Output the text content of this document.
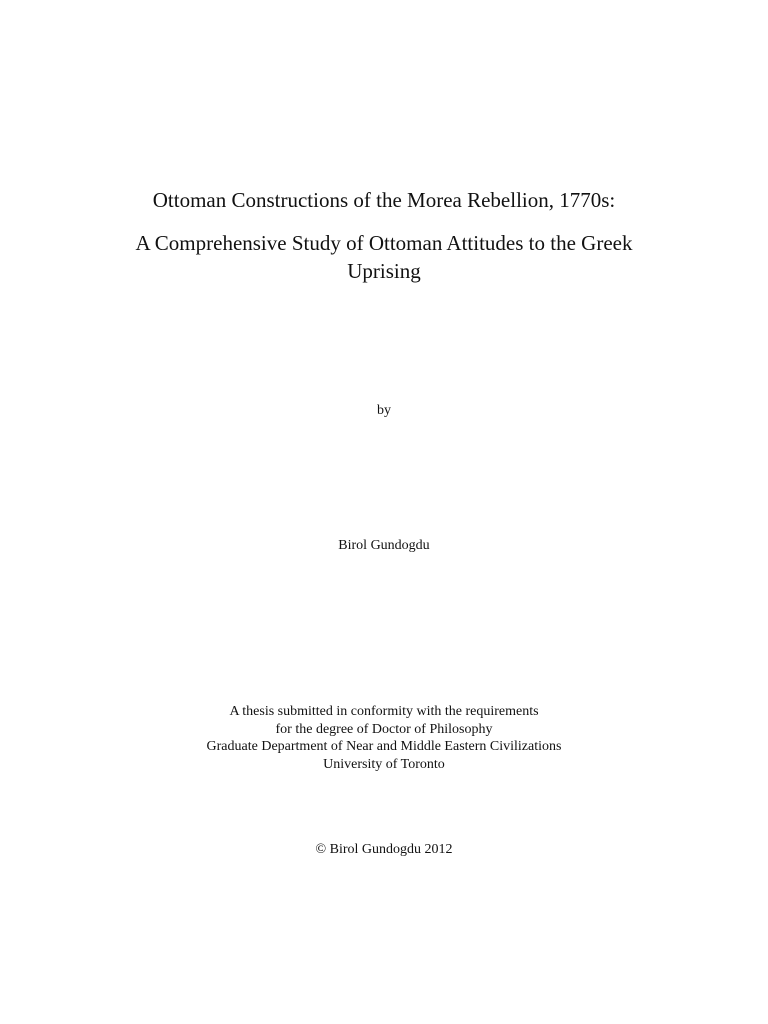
Ottoman Constructions of the Morea Rebellion, 1770s:
A Comprehensive Study of Ottoman Attitudes to the Greek
Uprising
by
Birol Gundogdu
A thesis submitted in conformity with the requirements
for the degree of Doctor of Philosophy
Graduate Department of Near and Middle Eastern Civilizations
University of Toronto
© Birol Gundogdu 2012
